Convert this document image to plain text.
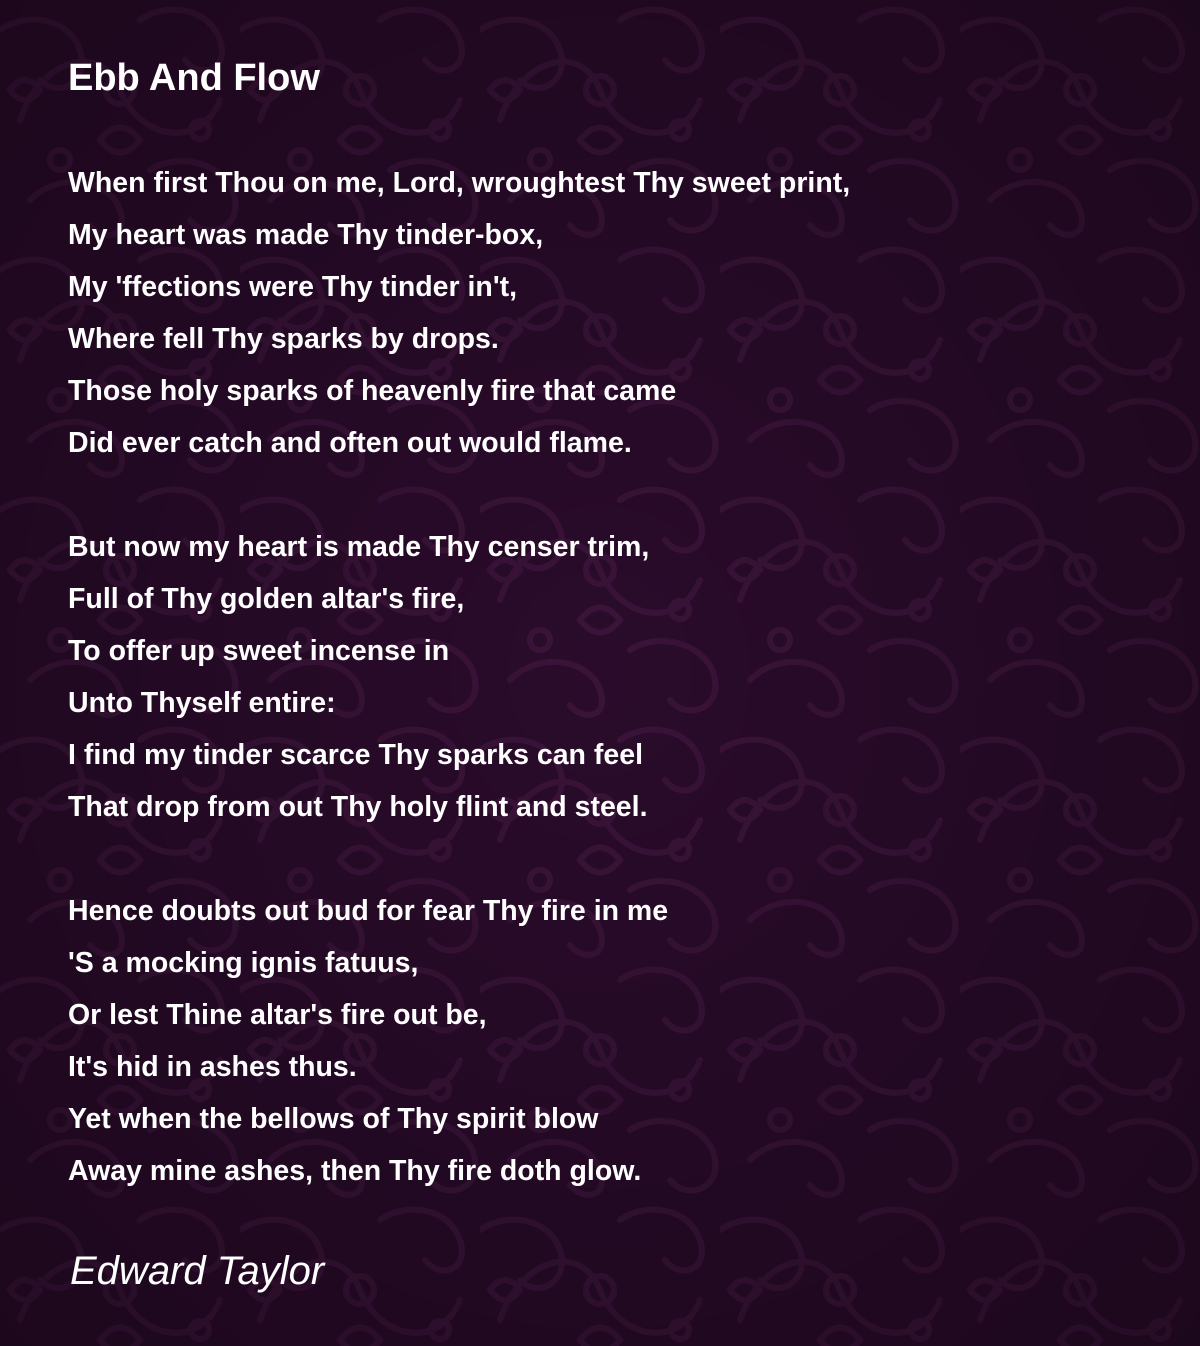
Ebb And Flow
When first Thou on me, Lord, wroughtest Thy sweet print,
My heart was made Thy tinder-box,
My 'ffections were Thy tinder in't,
Where fell Thy sparks by drops.
Those holy sparks of heavenly fire that came
Did ever catch and often out would flame.
But now my heart is made Thy censer trim,
Full of Thy golden altar's fire,
To offer up sweet incense in
Unto Thyself entire:
I find my tinder scarce Thy sparks can feel
That drop from out Thy holy flint and steel.
Hence doubts out bud for fear Thy fire in me
'S a mocking ignis fatuus,
Or lest Thine altar's fire out be,
It's hid in ashes thus.
Yet when the bellows of Thy spirit blow
Away mine ashes, then Thy fire doth glow.

Edward Taylor
